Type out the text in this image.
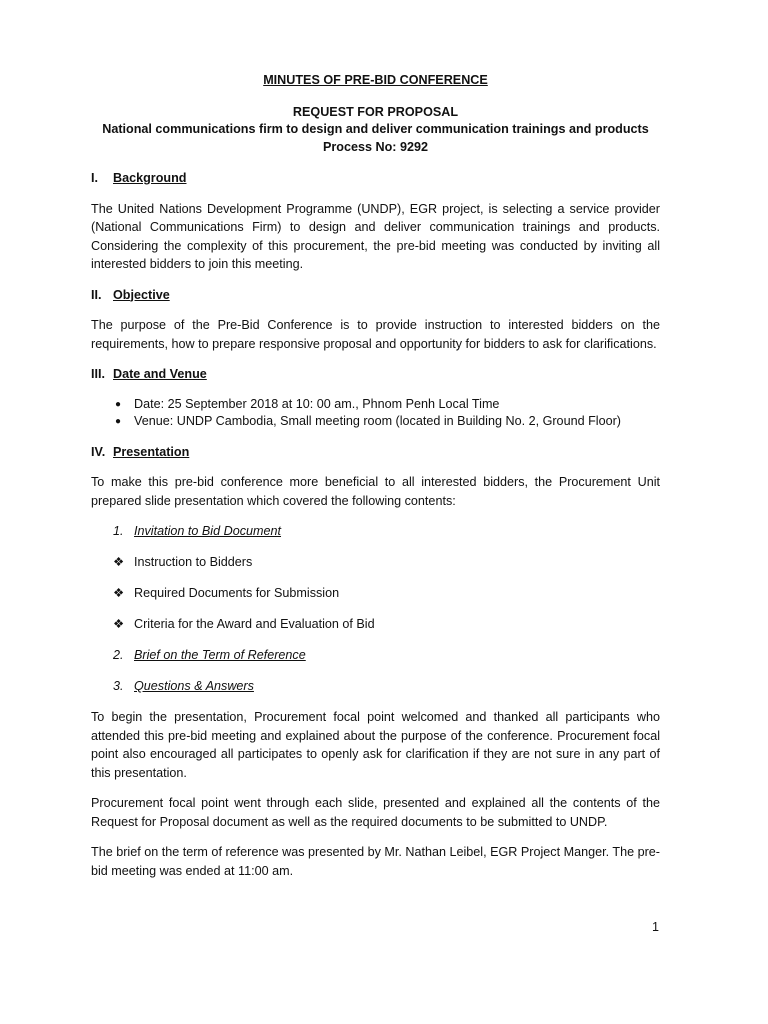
MINUTES OF PRE-BID CONFERENCE
REQUEST FOR PROPOSAL
National communications firm to design and deliver communication trainings and products
Process No: 9292
I.	Background
The United Nations Development Programme (UNDP), EGR project, is selecting a service provider (National Communications Firm) to design and deliver communication trainings and products. Considering the complexity of this procurement, the pre-bid meeting was conducted by inviting all interested bidders to join this meeting.
II. Objective
The purpose of the Pre-Bid Conference is to provide instruction to interested bidders on the requirements, how to prepare responsive proposal and opportunity for bidders to ask for clarifications.
III. Date and Venue
● Date: 25 September 2018 at 10: 00 am., Phnom Penh Local Time
● Venue: UNDP Cambodia, Small meeting room (located in Building No. 2, Ground Floor)
IV. Presentation
To make this pre-bid conference more beneficial to all interested bidders, the Procurement Unit prepared slide presentation which covered the following contents:
1. Invitation to Bid Document
❖ Instruction to Bidders
❖ Required Documents for Submission
❖ Criteria for the Award and Evaluation of Bid
2. Brief on the Term of Reference
3. Questions & Answers
To begin the presentation, Procurement focal point welcomed and thanked all participants who attended this pre-bid meeting and explained about the purpose of the conference. Procurement focal point also encouraged all participates to openly ask for clarification if they are not sure in any part of this presentation.
Procurement focal point went through each slide, presented and explained all the contents of the Request for Proposal document as well as the required documents to be submitted to UNDP.
The brief on the term of reference was presented by Mr. Nathan Leibel, EGR Project Manger. The pre-bid meeting was ended at 11:00 am.
1
